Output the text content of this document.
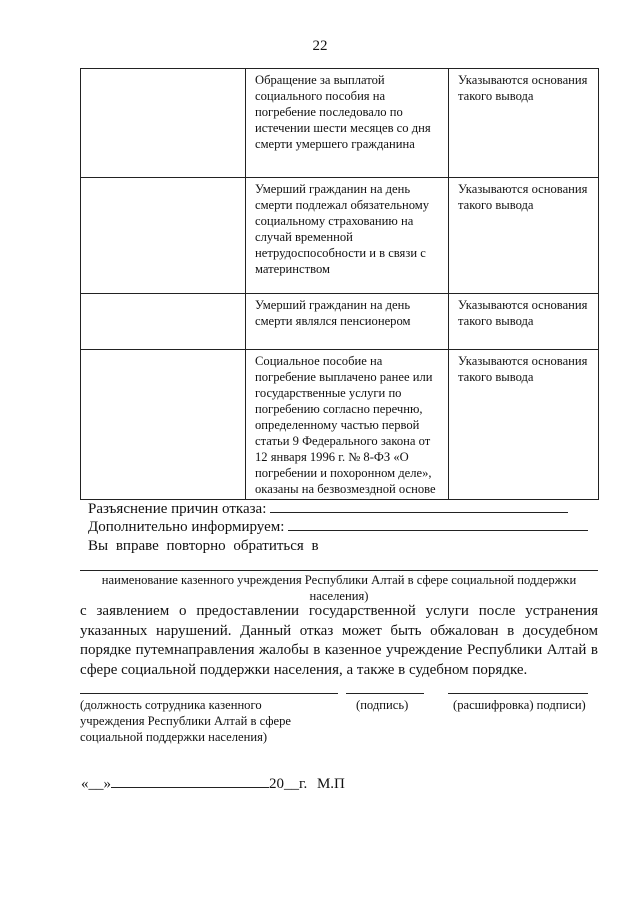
22
	Обращение за выплатой социального пособия на погребение последовало по истечении шести месяцев со дня смерти умершего гражданина	Указываются основания такого вывода
	Умерший гражданин на день смерти подлежал обязательному социальному страхованию на случай временной нетрудоспособности и в связи с материнством	Указываются основания такого вывода
	Умерший гражданин на день смерти являлся пенсионером	Указываются основания такого вывода
	Социальное пособие на погребение выплачено ранее или государственные услуги по погребению согласно перечню, определенному частью первой статьи 9 Федерального закона от 12 января 1996 г. № 8-ФЗ «О погребении и похоронном деле», оказаны на безвозмездной основе	Указываются основания такого вывода
Разъяснение причин отказа:
Дополнительно информируем:
Вы вправе повторно обратиться в
наименование казенного учреждения Республики Алтай в сфере социальной поддержки населения)
с заявлением о предоставлении государственной услуги после устранения указанных нарушений. Данный отказ может быть обжалован в досудебном порядке путемнаправления жалобы в казенное учреждение Республики Алтай в сфере социальной поддержки населения, а также в судебном порядке.
(должность сотрудника казенного учреждения Республики Алтай в сфере социальной поддержки населения)
(подпись)	(расшифровка) подписи)
«__»	20__г. М.П
